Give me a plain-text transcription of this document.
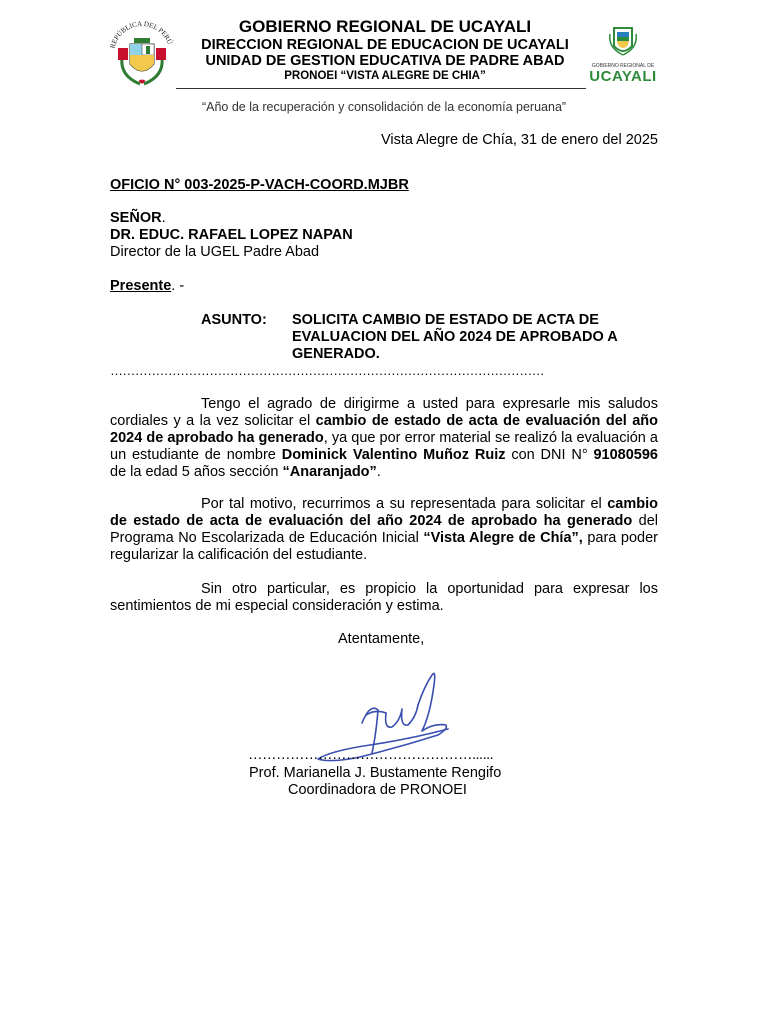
REPÚBLICA DEL PERÚ
GOBIERNO REGIONAL DE UCAYALI
DIRECCION REGIONAL DE EDUCACION DE UCAYALI
UNIDAD DE GESTION EDUCATIVA DE PADRE ABAD
PRONOEI “VISTA ALEGRE DE CHIA”
GOBIERNO REGIONAL DE
UCAYALI
“Año de la recuperación y consolidación de la economía peruana”
Vista Alegre de Chía, 31 de enero del 2025
OFICIO N° 003-2025-P-VACH-COORD.MJBR
SEÑOR.
DR. EDUC. RAFAEL LOPEZ NAPAN
Director de la UGEL Padre Abad
Presente. -
ASUNTO: SOLICITA CAMBIO DE ESTADO DE ACTA DE
EVALUACION DEL AÑO 2024 DE APROBADO A
GENERADO.
……………………………………………………………………………………………
Tengo el agrado de dirigirme a usted para expresarle mis saludos cordiales y a la vez solicitar el cambio de estado de acta de evaluación del año 2024 de aprobado ha generado, ya que por error material se realizó la evaluación a un estudiante de nombre Dominick Valentino Muñoz Ruiz con DNI N° 91080596 de la edad 5 años sección “Anaranjado”.
Por tal motivo, recurrimos a su representada para solicitar el cambio de estado de acta de evaluación del año 2024 de aprobado ha generado del Programa No Escolarizada de Educación Inicial “Vista Alegre de Chía”, para poder regularizar la calificación del estudiante.
Sin otro particular, es propicio la oportunidad para expresar los sentimientos de mi especial consideración y estima.
Atentamente,
…………………………………………......
Prof. Marianella J. Bustamente Rengifo
Coordinadora de PRONOEI
